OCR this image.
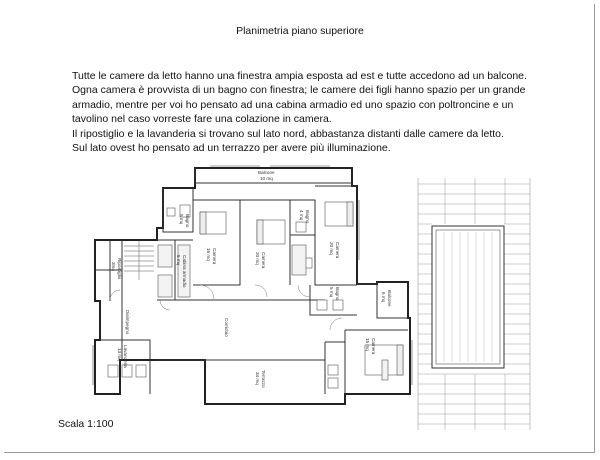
Planimetria piano superiore

Tutte le camere da letto hanno una finestra ampia esposta ad est e tutte accedono ad un balcone.

Ogna camera è provvista di un bagno con finestra; le camere dei figli hanno spazio per un grande armadio, mentre per voi ho pensato ad una cabina armadio ed uno spazio con poltroncine e un tavolino nel caso vorreste fare una colazione in camera.

Il ripostiglio e la lavanderia si trovano sul lato nord, abbastanza distanti dalle camere da letto.

Sul lato ovest ho pensato ad un terrazzo per avere più illuminazione.

Balcone
10 mq
Bagno
5 mq
Camera
16 mq
Cabina armadio
5 mq	Camera
20 mq
Bagno
4 mq
Camera
20 mq
Bagno
5 mq	Balcone
6 mq
Camera
15 mq
Ripostiglio
3mq
Disimpegno	Corridoio
Lavanderia
13 mq
Terrazzo
34 mq
Scala 1:100
